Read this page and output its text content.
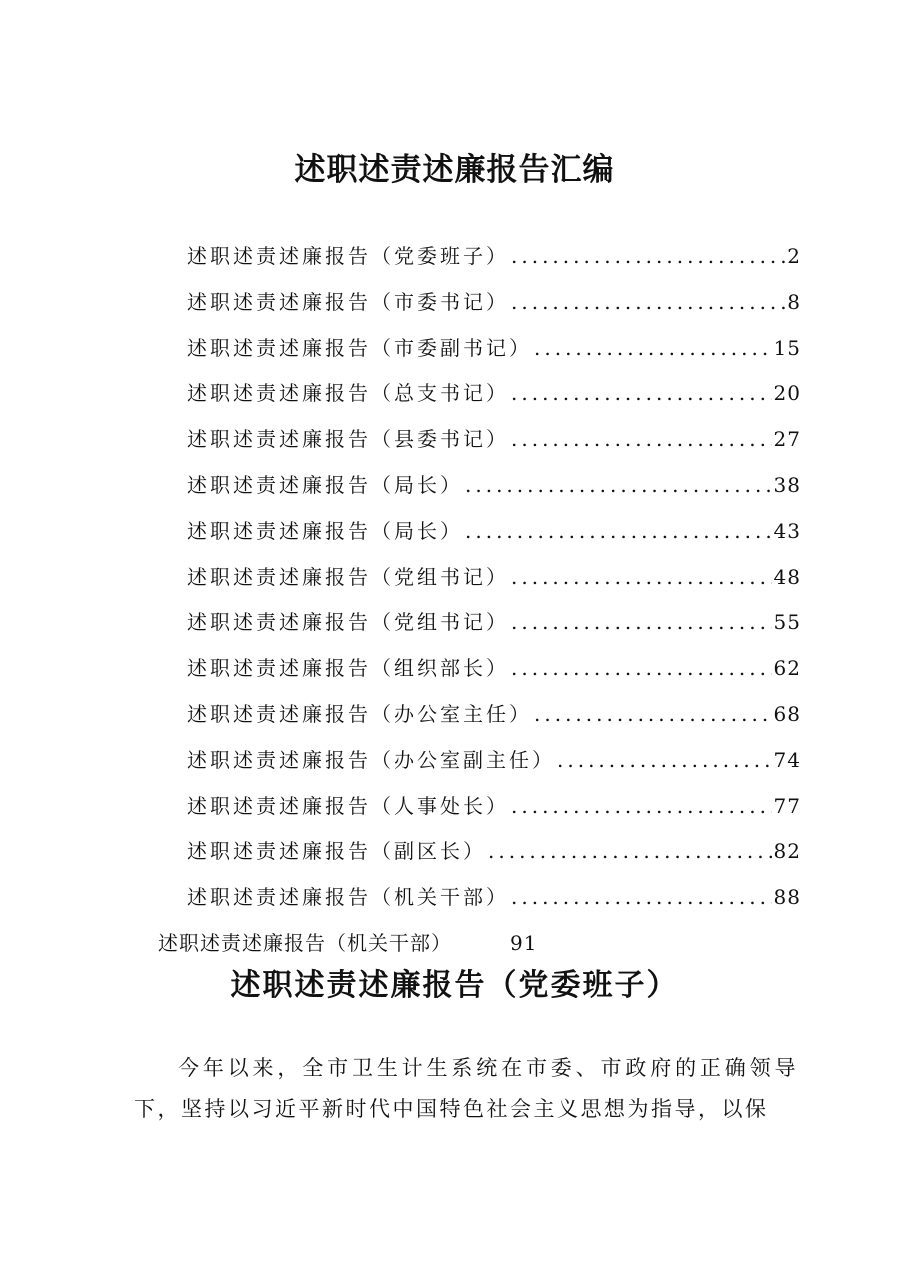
述职述责述廉报告汇编
述职述责述廉报告（党委班子） .....	2
述职述责述廉报告（市委书记） .....	8
述职述责述廉报告（市委副书记） .....	15
述职述责述廉报告（总支书记） .....	20
述职述责述廉报告（县委书记） .....	27
述职述责述廉报告（局长） .....	38
述职述责述廉报告（局长） .....	43
述职述责述廉报告（党组书记） .....	48
述职述责述廉报告（党组书记） .....	55
述职述责述廉报告（组织部长） .....	62
述职述责述廉报告（办公室主任） .....	68
述职述责述廉报告（办公室副主任） .....	74
述职述责述廉报告（人事处长） .....	77
述职述责述廉报告（副区长） .....	82
述职述责述廉报告（机关干部） .....	88
述职述责述廉报告（机关干部）	91
述职述责述廉报告（党委班子）

今年以来，全市卫生计生系统在市委、市政府的正确领导下，坚持以习近平新时代中国特色社会主义思想为指导，以保
